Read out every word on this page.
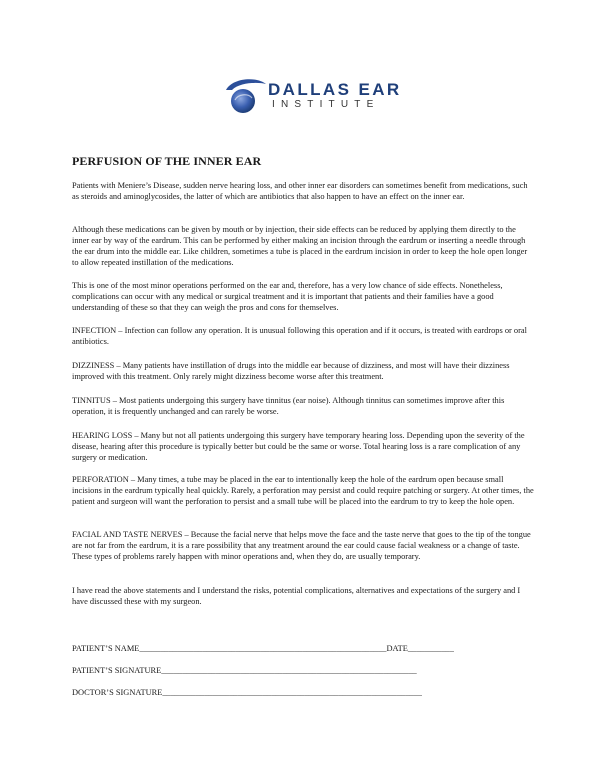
DALLAS EAR
INSTITUTE
PERFUSION OF THE INNER EAR
Patients with Meniere’s Disease, sudden nerve hearing loss, and other inner ear disorders can sometimes benefit from medications, such as steroids and aminoglycosides, the latter of which are antibiotics that also happen to have an effect on the inner ear.
Although these medications can be given by mouth or by injection, their side effects can be reduced by applying them directly to the inner ear by way of the eardrum. This can be performed by either making an incision through the eardrum or inserting a needle through the ear drum into the middle ear. Like children, sometimes a tube is placed in the eardrum incision in order to keep the hole open longer to allow repeated instillation of the medications.
This is one of the most minor operations performed on the ear and, therefore, has a very low chance of side effects. Nonetheless, complications can occur with any medical or surgical treatment and it is important that patients and their families have a good understanding of these so that they can weigh the pros and cons for themselves.
INFECTION – Infection can follow any operation. It is unusual following this operation and if it occurs, is treated with eardrops or oral antibiotics.
DIZZINESS – Many patients have instillation of drugs into the middle ear because of dizziness, and most will have their dizziness improved with this treatment. Only rarely might dizziness become worse after this treatment.
TINNITUS – Most patients undergoing this surgery have tinnitus (ear noise). Although tinnitus can sometimes improve after this operation, it is frequently unchanged and can rarely be worse.
HEARING LOSS – Many but not all patients undergoing this surgery have temporary hearing loss. Depending upon the severity of the disease, hearing after this procedure is typically better but could be the same or worse. Total hearing loss is a rare complication of any surgery or medication.
PERFORATION – Many times, a tube may be placed in the ear to intentionally keep the hole of the eardrum open because small incisions in the eardrum typically heal quickly. Rarely, a perforation may persist and could require patching or surgery. At other times, the patient and surgeon will want the perforation to persist and a small tube will be placed into the eardrum to try to keep the hole open.
FACIAL AND TASTE NERVES – Because the facial nerve that helps move the face and the taste nerve that goes to the tip of the tongue are not far from the eardrum, it is a rare possibility that any treatment around the ear could cause facial weakness or a change of taste. These types of problems rarely happen with minor operations and, when they do, are usually temporary.
I have read the above statements and I understand the risks, potential complications, alternatives and expectations of the surgery and I have discussed these with my surgeon.
PATIENT’S NAME___________________________________________________________DATE___________
PATIENT’S SIGNATURE_____________________________________________________________
DOCTOR’S SIGNATURE______________________________________________________________
